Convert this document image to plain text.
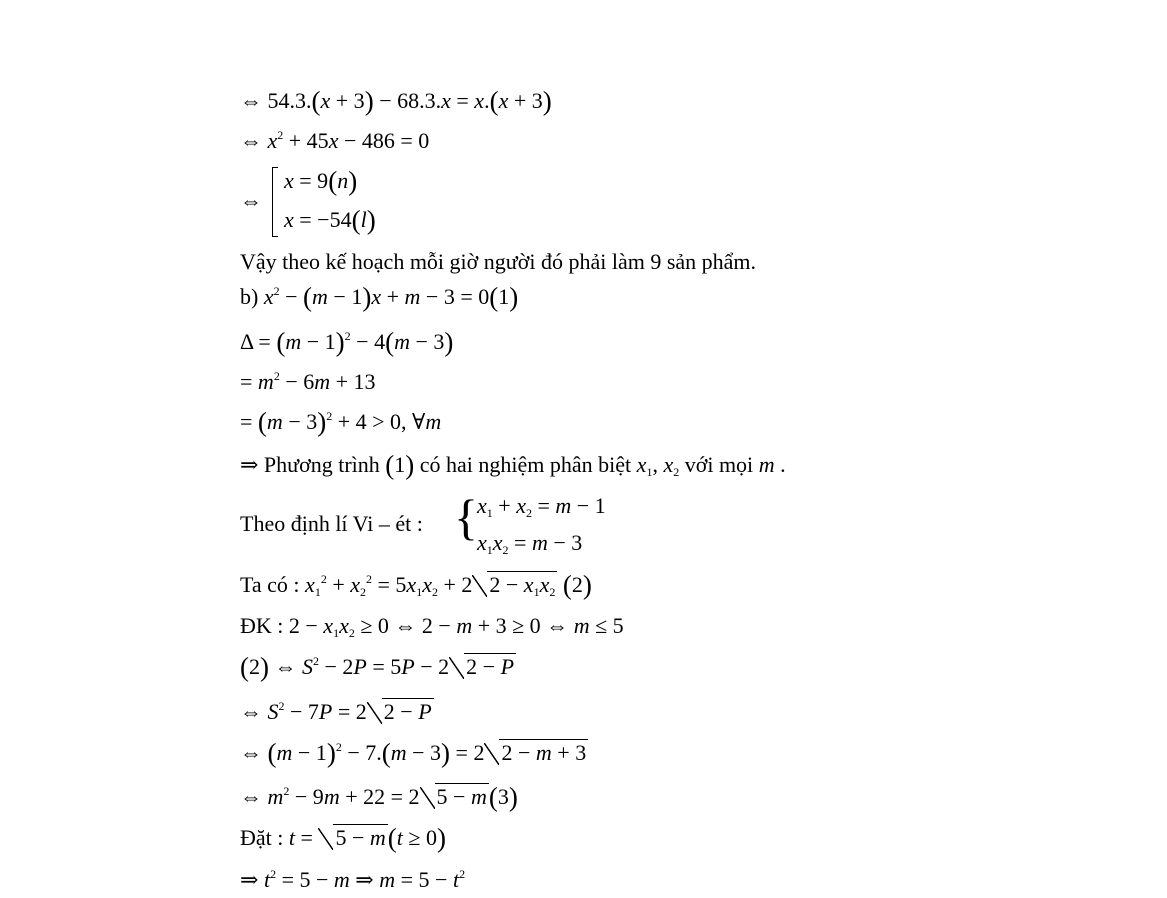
⇔ 54.3.(x + 3) − 68.3.x = x.(x + 3)
⇔ $x^2 + 45x - 486 = 0$
⇔
x = 9(n)
x = −54(l)
Vậy theo kế hoạch mỗi giờ người đó phải làm 9 sản phẩm.
b) $x^2 - (m - 1)x + m - 3 = 0(1)$
$\Delta = (m - 1)^2 - 4(m - 3)$
= $m^2 - 6m + 13$
= $(m - 3)^2 + 4 > 0$, ∀m
⇒ Phương trình (1) có hai nghiệm phân biệt $x_1$, $x_2$ với mọi m .
Theo định lí Vi – ét : { $x_1 + x_2 = m - 1$
$x_1x_2 = m - 3$
Ta có : $x_1^2 + x_2^2 = 5x_1x_2 + 2$ $2 - x_1x_2$ (2)
ĐK : $2 - x_1x_2 \ge 0$ ⇔ 2 − m + 3 ≥ 0 ⇔ m ≤ 5
(2) ⇔ $S^2 - 2P = 5P - 2$ 2 − P
⇔ $S^2 - 7P = 2$ 2 − P
⇔ $(m - 1)^2 - 7.(m - 3) = 2$ 2 − m + 3
⇔ $m^2 - 9m + 22 = 2$ 5 − m(3)
Đặt : t = 5 − m(t ≥ 0)
⇒ $t^2 = 5 - m$ ⇒ $m = 5 - t^2$
